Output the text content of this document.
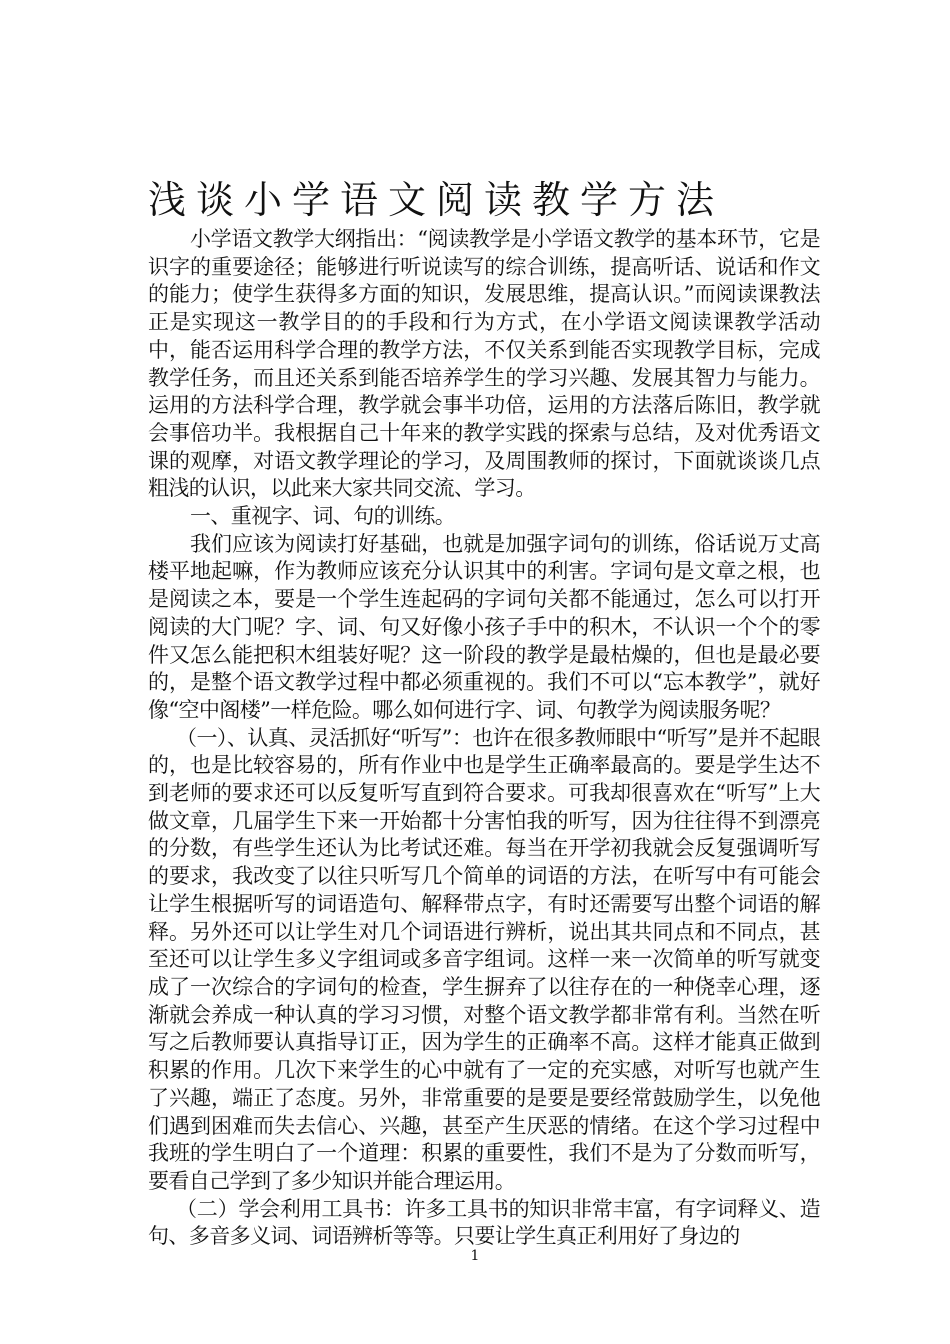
浅谈小学语文阅读教学方法

小学语文教学大纲指出：“阅读教学是小学语文教学的基本环节，它是识字的重要途径；能够进行听说读写的综合训练，提高听话、说话和作文的能力；使学生获得多方面的知识，发展思维，提高认识。”而阅读课教法正是实现这一教学目的的手段和行为方式，在小学语文阅读课教学活动中，能否运用科学合理的教学方法，不仅关系到能否实现教学目标，完成教学任务，而且还关系到能否培养学生的学习兴趣、发展其智力与能力。运用的方法科学合理，教学就会事半功倍，运用的方法落后陈旧，教学就会事倍功半。我根据自己十年来的教学实践的探索与总结，及对优秀语文课的观摩，对语文教学理论的学习，及周围教师的探讨，下面就谈谈几点粗浅的认识，以此来大家共同交流、学习。

一、重视字、词、句的训练。

我们应该为阅读打好基础，也就是加强字词句的训练，俗话说万丈高楼平地起嘛，作为教师应该充分认识其中的利害。字词句是文章之根，也是阅读之本，要是一个学生连起码的字词句关都不能通过，怎么可以打开阅读的大门呢？字、词、句又好像小孩子手中的积木，不认识一个个的零件又怎么能把积木组装好呢？这一阶段的教学是最枯燥的，但也是最必要的，是整个语文教学过程中都必须重视的。我们不可以“忘本教学”，就好像“空中阁楼”一样危险。哪么如何进行字、词、句教学为阅读服务呢？

（一）、认真、灵活抓好“听写”：也许在很多教师眼中“听写”是并不起眼的，也是比较容易的，所有作业中也是学生正确率最高的。要是学生达不到老师的要求还可以反复听写直到符合要求。可我却很喜欢在“听写”上大做文章，几届学生下来一开始都十分害怕我的听写，因为往往得不到漂亮的分数，有些学生还认为比考试还难。每当在开学初我就会反复强调听写的要求，我改变了以往只听写几个简单的词语的方法，在听写中有可能会让学生根据听写的词语造句、解释带点字，有时还需要写出整个词语的解释。另外还可以让学生对几个词语进行辨析，说出其共同点和不同点，甚至还可以让学生多义字组词或多音字组词。这样一来一次简单的听写就变成了一次综合的字词句的检查，学生摒弃了以往存在的一种侥幸心理，逐渐就会养成一种认真的学习习惯，对整个语文教学都非常有利。当然在听写之后教师要认真指导订正，因为学生的正确率不高。这样才能真正做到积累的作用。几次下来学生的心中就有了一定的充实感，对听写也就产生了兴趣，端正了态度。另外，非常重要的是要是要经常鼓励学生，以免他们遇到困难而失去信心、兴趣，甚至产生厌恶的情绪。在这个学习过程中我班的学生明白了一个道理：积累的重要性，我们不是为了分数而听写，要看自己学到了多少知识并能合理运用。

（二）学会利用工具书：许多工具书的知识非常丰富，有字词释义、造句、多音多义词、词语辨析等等。只要让学生真正利用好了身边的

1
